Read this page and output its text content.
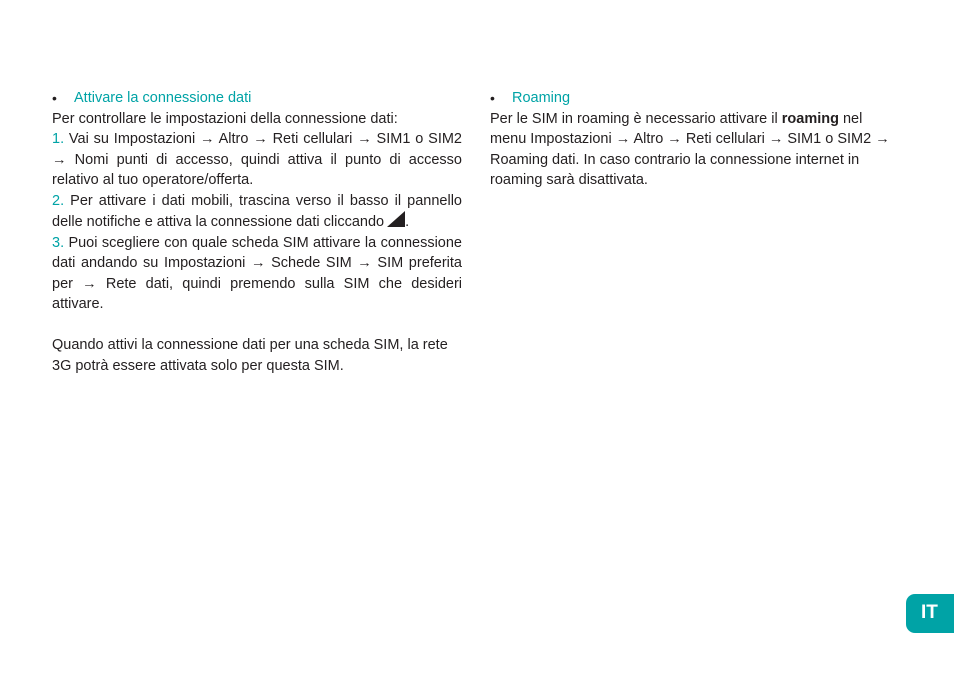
•	Attivare la connessione dati

Per controllare le impostazioni della connessione dati:

1. Vai su Impostazioni → Altro → Reti cellulari → SIM1 o SIM2 → Nomi punti di accesso, quindi attiva il punto di accesso relativo al tuo operatore/offerta.

2. Per attivare i dati mobili, trascina verso il basso il pannello delle notifiche e attiva la connessione dati cliccando .

3. Puoi scegliere con quale scheda SIM attivare la connessione dati andando su Impostazioni → Schede SIM → SIM preferita per → Rete dati, quindi premendo sulla SIM che desideri attivare.

Quando attivi la connessione dati per una scheda SIM, la rete 3G potrà essere attivata solo per questa SIM.

•	Roaming

Per le SIM in roaming è necessario attivare il roaming nel menu Impostazioni → Altro → Reti cellulari → SIM1 o SIM2 → Roaming dati. In caso contrario la connessione internet in roaming sarà disattivata.

IT
